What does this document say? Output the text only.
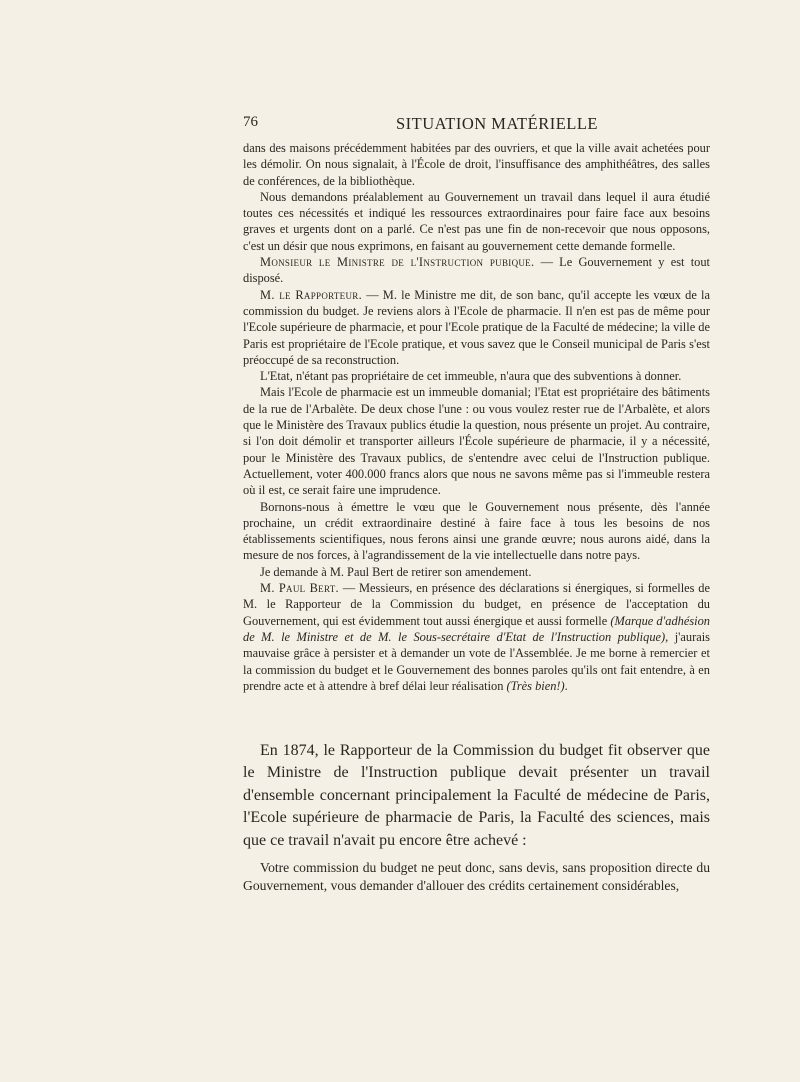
76	SITUATION MATÉRIELLE

dans des maisons précédemment habitées par des ouvriers, et que la ville avait achetées pour les démolir. On nous signalait, à l'École de droit, l'insuffisance des amphithéâtres, des salles de conférences, de la bibliothèque.

Nous demandons préalablement au Gouvernement un travail dans lequel il aura étudié toutes ces nécessités et indiqué les ressources extraordinaires pour faire face aux besoins graves et urgents dont on a parlé. Ce n'est pas une fin de non-recevoir que nous opposons, c'est un désir que nous exprimons, en faisant au gouvernement cette demande formelle.

Monsieur le Ministre de l'Instruction pubique. — Le Gouvernement y est tout disposé.

M. le Rapporteur. — M. le Ministre me dit, de son banc, qu'il accepte les vœux de la commission du budget. Je reviens alors à l'Ecole de pharmacie. Il n'en est pas de même pour l'Ecole supérieure de pharmacie, et pour l'Ecole pratique de la Faculté de médecine; la ville de Paris est propriétaire de l'Ecole pratique, et vous savez que le Conseil municipal de Paris s'est préoccupé de sa reconstruction.

L'Etat, n'étant pas propriétaire de cet immeuble, n'aura que des subventions à donner.

Mais l'Ecole de pharmacie est un immeuble domanial; l'Etat est propriétaire des bâtiments de la rue de l'Arbalète. De deux chose l'une : ou vous voulez rester rue de l'Arbalète, et alors que le Ministère des Travaux publics étudie la question, nous présente un projet. Au contraire, si l'on doit démolir et transporter ailleurs l'École supérieure de pharmacie, il y a nécessité, pour le Ministère des Travaux publics, de s'entendre avec celui de l'Instruction publique. Actuellement, voter 400.000 francs alors que nous ne savons même pas si l'immeuble restera où il est, ce serait faire une imprudence.

Bornons-nous à émettre le vœu que le Gouvernement nous présente, dès l'année prochaine, un crédit extraordinaire destiné à faire face à tous les besoins de nos établissements scientifiques, nous ferons ainsi une grande œuvre; nous aurons aidé, dans la mesure de nos forces, à l'agrandissement de la vie intellectuelle dans notre pays.

Je demande à M. Paul Bert de retirer son amendement.

M. Paul Bert. — Messieurs, en présence des déclarations si énergiques, si formelles de M. le Rapporteur de la Commission du budget, en présence de l'acceptation du Gouvernement, qui est évidemment tout aussi énergique et aussi formelle (Marque d'adhésion de M. le Ministre et de M. le Sous-secrétaire d'Etat de l'Instruction publique), j'aurais mauvaise grâce à persister et à demander un vote de l'Assemblée. Je me borne à remercier et la commission du budget et le Gouvernement des bonnes paroles qu'ils ont fait entendre, à en prendre acte et à attendre à bref délai leur réalisation (Très bien!).

En 1874, le Rapporteur de la Commission du budget fit observer que le Ministre de l'Instruction publique devait présenter un travail d'ensemble concernant principalement la Faculté de médecine de Paris, l'Ecole supérieure de pharmacie de Paris, la Faculté des sciences, mais que ce travail n'avait pu encore être achevé :

Votre commission du budget ne peut donc, sans devis, sans proposition directe du Gouvernement, vous demander d'allouer des crédits certainement considérables,
